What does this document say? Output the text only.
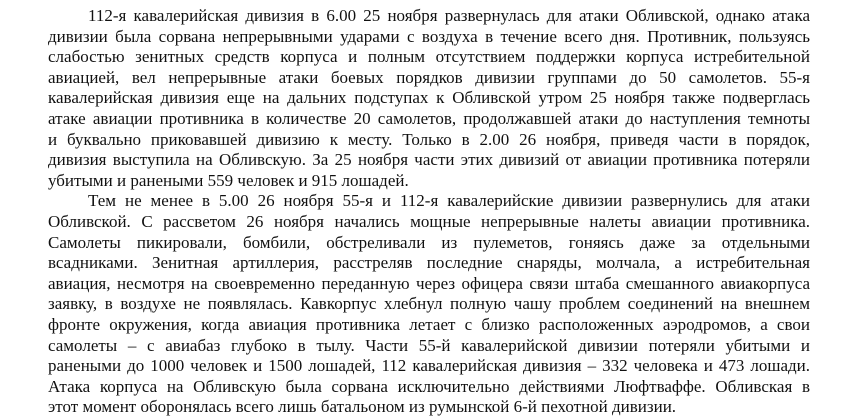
112-я кавалерийская дивизия в 6.00 25 ноября развернулась для атаки Обливской, однако атака
дивизии была сорвана непрерывными ударами с воздуха в течение всего дня. Противник, пользуясь
слабостью зенитных средств корпуса и полным отсутствием поддержки корпуса истребительной
авиацией, вел непрерывные атаки боевых порядков дивизии группами до 50 самолетов. 55-я
кавалерийская дивизия еще на дальних подступах к Обливской утром 25 ноября также подверглась
атаке авиации противника в количестве 20 самолетов, продолжавшей атаки до наступления темноты
и буквально приковавшей дивизию к месту. Только в 2.00 26 ноября, приведя части в порядок,
дивизия выступила на Обливскую. За 25 ноября части этих дивизий от авиации противника потеряли
убитыми и ранеными 559 человек и 915 лошадей.

Тем не менее в 5.00 26 ноября 55-я и 112-я кавалерийские дивизии развернулись для атаки
Обливской. С рассветом 26 ноября начались мощные непрерывные налеты авиации противника.
Самолеты пикировали, бомбили, обстреливали из пулеметов, гоняясь даже за отдельными
всадниками. Зенитная артиллерия, расстреляв последние снаряды, молчала, а истребительная
авиация, несмотря на своевременно переданную через офицера связи штаба смешанного авиакорпуса
заявку, в воздухе не появлялась. Кавкорпус хлебнул полную чашу проблем соединений на внешнем
фронте окружения, когда авиация противника летает с близко расположенных аэродромов, а свои
самолеты – с авиабаз глубоко в тылу. Части 55-й кавалерийской дивизии потеряли убитыми и
ранеными до 1000 человек и 1500 лошадей, 112 кавалерийская дивизия – 332 человека и 473 лошади.
Атака корпуса на Обливскую была сорвана исключительно действиями Люфтваффе. Обливская в
этот момент оборонялась всего лишь батальоном из румынской 6-й пехотной дивизии.
